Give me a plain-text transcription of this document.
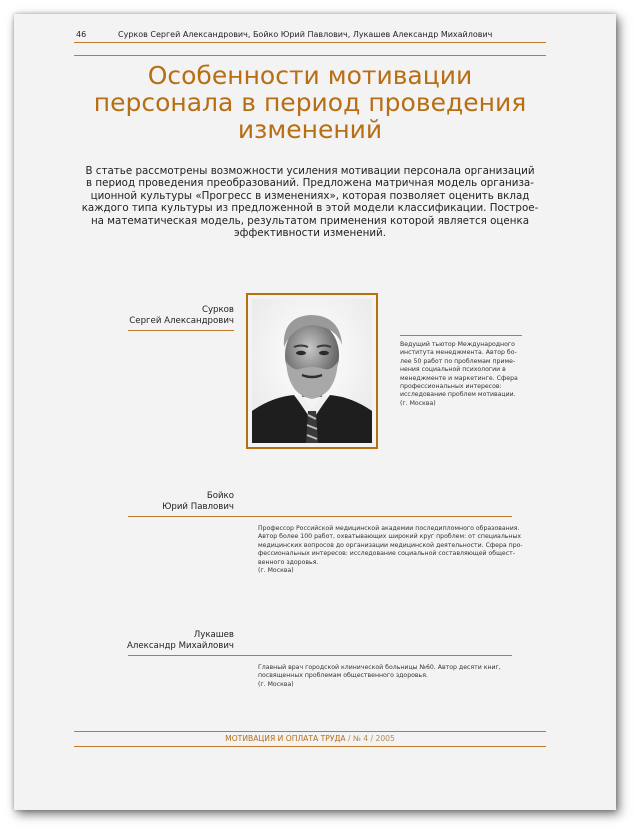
46	Сурков Сергей Александрович, Бойко Юрий Павлович, Лукашев Александр Михайлович
Особенности мотивации
персонала в период проведения
изменений
В статье рассмотрены возможности усиления мотивации персонала организаций
в период проведения преобразований. Предложена матричная модель организа-
ционной культуры «Прогресс в изменениях», которая позволяет оценить вклад
каждого типа культуры из предложенной в этой модели классификации. Построе-
на математическая модель, результатом применения которой является оценка
эффективности изменений.
Сурков
Сергей Александрович
Ведущий тьютор Международного
института менеджмента. Автор бо-
лее 50 работ по проблемам приме-
нения социальной психологии в
менеджменте и маркетинге. Сфера
профессиональных интересов:
исследование проблем мотивации.
(г. Москва)
Бойко
Юрий Павлович
Профессор Российской медицинской академии последипломного образования.
Автор более 100 работ, охватывающих широкий круг проблем: от специальных
медицинских вопросов до организации медицинской деятельности. Сфера про-
фессиональных интересов: исследование социальной составляющей общест-
венного здоровья.
(г. Москва)
Лукашев
Александр Михайлович
Главный врач городской клинической больницы №60. Автор десяти книг,
посвященных проблемам общественного здоровья.
(г. Москва)
МОТИВАЦИЯ И ОПЛАТА ТРУДА / № 4 / 2005
